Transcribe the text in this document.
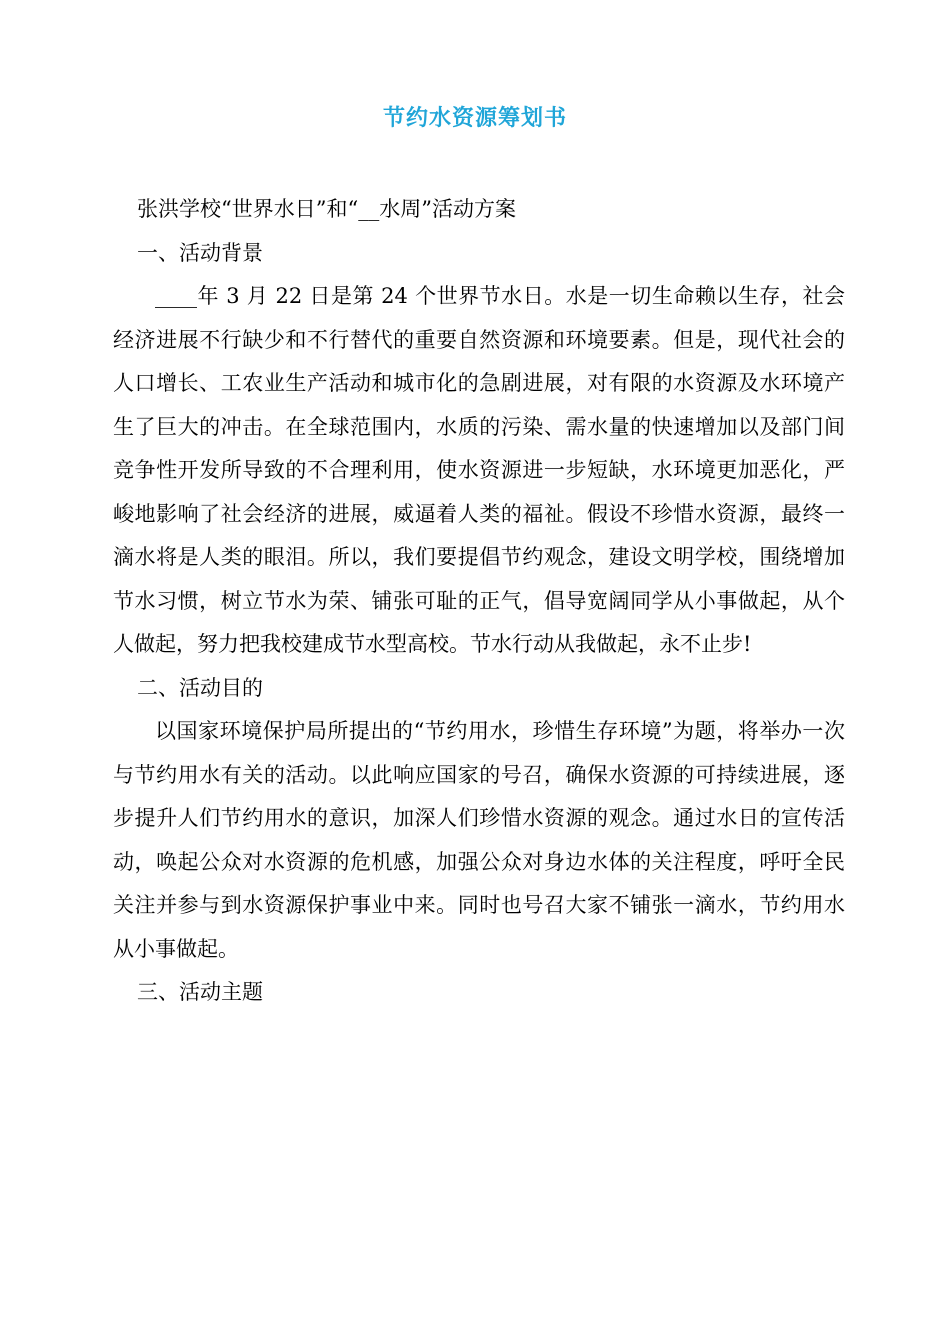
节约水资源筹划书
张洪学校“世界水日”和“__水周”活动方案
一、活动背景
____年 3 月 22 日是第 24 个世界节水日。水是一切生命赖以生存，社会经济进展不行缺少和不行替代的重要自然资源和环境要素。但是，现代社会的人口增长、工农业生产活动和城市化的急剧进展，对有限的水资源及水环境产生了巨大的冲击。在全球范围内，水质的污染、需水量的快速增加以及部门间竞争性开发所导致的不合理利用，使水资源进一步短缺，水环境更加恶化，严峻地影响了社会经济的进展，威逼着人类的福祉。假设不珍惜水资源，最终一滴水将是人类的眼泪。所以，我们要提倡节约观念，建设文明学校，围绕增加节水习惯，树立节水为荣、铺张可耻的正气，倡导宽阔同学从小事做起，从个人做起，努力把我校建成节水型高校。节水行动从我做起，永不止步!
二、活动目的
以国家环境保护局所提出的“节约用水，珍惜生存环境”为题，将举办一次与节约用水有关的活动。以此响应国家的号召，确保水资源的可持续进展，逐步提升人们节约用水的意识，加深人们珍惜水资源的观念。通过水日的宣传活动，唤起公众对水资源的危机感，加强公众对身边水体的关注程度，呼吁全民关注并参与到水资源保护事业中来。同时也号召大家不铺张一滴水，节约用水从小事做起。
三、活动主题
